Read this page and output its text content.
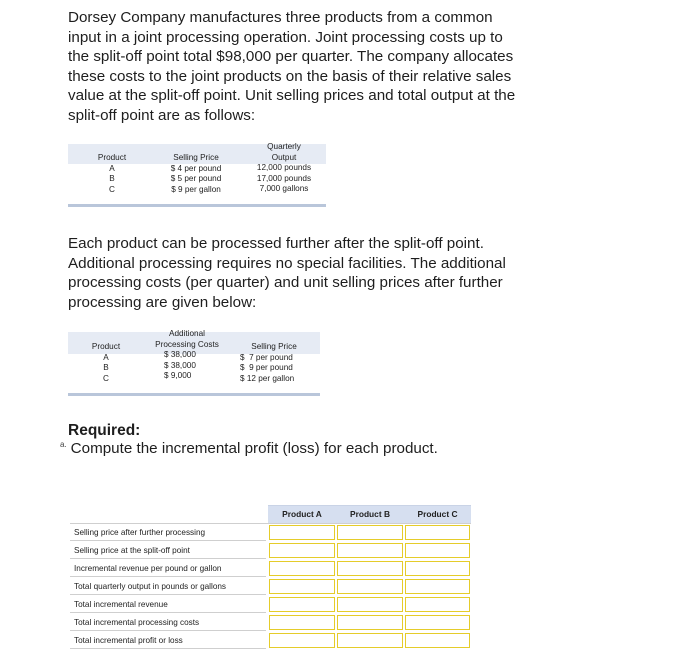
Dorsey Company manufactures three products from a common input in a joint processing operation. Joint processing costs up to the split-off point total $98,000 per quarter. The company allocates these costs to the joint products on the basis of their relative sales value at the split-off point. Unit selling prices and total output at the split-off point are as follows:
Product
A
B
C
Selling Price
$ 4 per pound
$ 5 per pound
$ 9 per gallon
Quarterly
Output
12,000 pounds
17,000 pounds
7,000 gallons
Each product can be processed further after the split-off point. Additional processing requires no special facilities. The additional processing costs (per quarter) and unit selling prices after further processing are given below:
Product
A
B
C
Additional
Processing Costs
$ 38,000
$ 38,000
$ 9,000
Selling Price
$  7 per pound
$  9 per pound
$ 12 per gallon
Required:
$^{a.}$ Compute the incremental profit (loss) for each product.
Product A	Product B	Product C
Selling price after further processing
Selling price at the split-off point
Incremental revenue per pound or gallon
Total quarterly output in pounds or gallons
Total incremental revenue
Total incremental processing costs
Total incremental profit or loss
